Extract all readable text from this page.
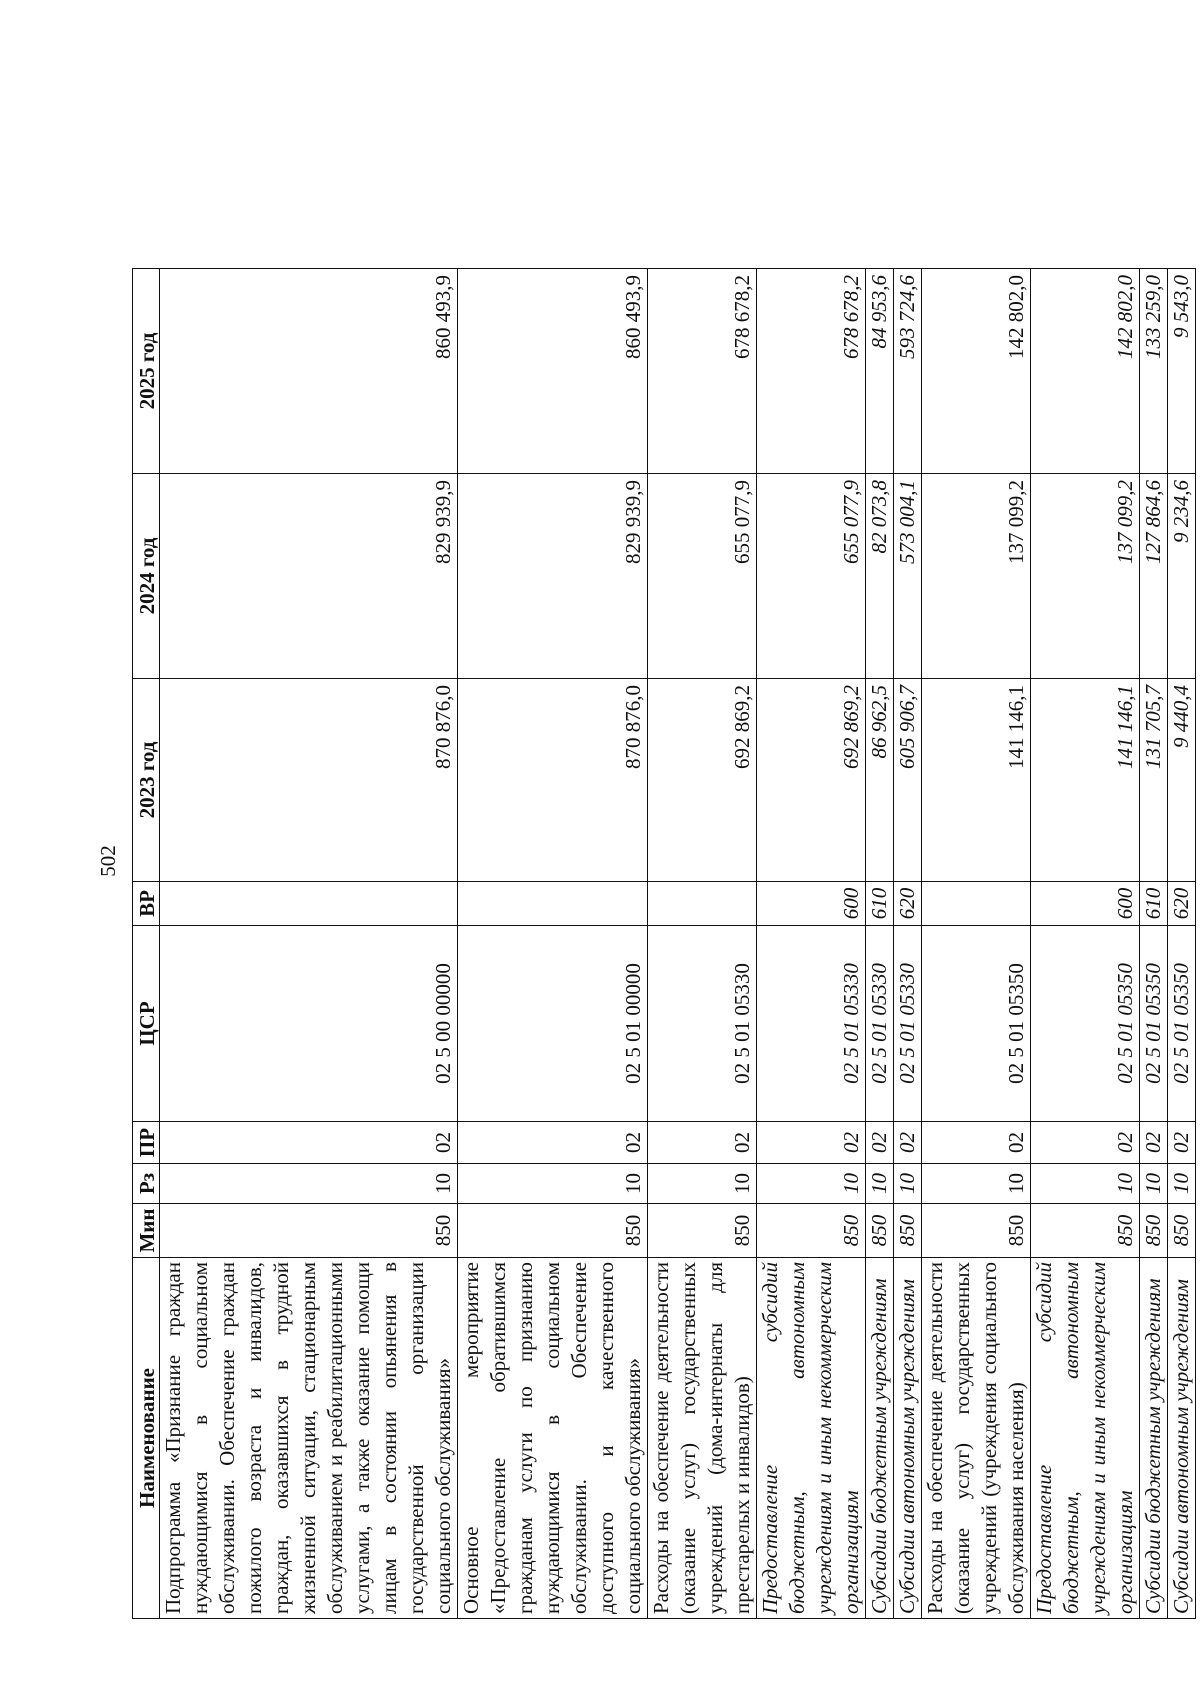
502
Наименование	Мин	Рз	ПР	ЦСР	ВР	2023 год	2024 год	2025 год
Подпрограмма «Признание граждан нуждающимися в социальном обслуживании. Обеспечение граждан пожилого возраста и инвалидов, граждан, оказавшихся в трудной жизненной ситуации, стационарным обслуживанием и реабилитационными услугами, а также оказание помощи лицам в состоянии опьянения в государственной организации социального обслуживания»	850	10	02	02 5 00 00000		870 876,0	829 939,9	860 493,9
Основное мероприятие «Предоставление обратившимся гражданам услуги по признанию нуждающимися в социальном обслуживании. Обеспечение доступного и качественного социального обслуживания»	850	10	02	02 5 01 00000		870 876,0	829 939,9	860 493,9
Расходы на обеспечение деятельности (оказание услуг) государственных учреждений (дома-интернаты для престарелых и инвалидов)	850	10	02	02 5 01 05330		692 869,2	655 077,9	678 678,2
Предоставление субсидий бюджетным, автономным учреждениям и иным некоммерческим организациям	850	10	02	02 5 01 05330	600	692 869,2	655 077,9	678 678,2
Субсидии бюджетным учреждениям	850	10	02	02 5 01 05330	610	86 962,5	82 073,8	84 953,6
Субсидии автономным учреждениям	850	10	02	02 5 01 05330	620	605 906,7	573 004,1	593 724,6
Расходы на обеспечение деятельности (оказание услуг) государственных учреждений (учреждения социального обслуживания населения)	850	10	02	02 5 01 05350		141 146,1	137 099,2	142 802,0
Предоставление субсидий бюджетным, автономным учреждениям и иным некоммерческим организациям	850	10	02	02 5 01 05350	600	141 146,1	137 099,2	142 802,0
Субсидии бюджетным учреждениям	850	10	02	02 5 01 05350	610	131 705,7	127 864,6	133 259,0
Субсидии автономным учреждениям	850	10	02	02 5 01 05350	620	9 440,4	9 234,6	9 543,0
